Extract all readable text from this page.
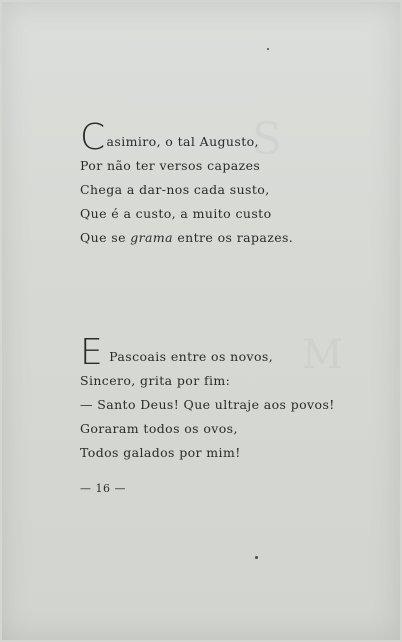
S
M
Casimiro, o tal Augusto,
Por não ter versos capazes
Chega a dar-nos cada susto,
Que é a custo, a muito custo
Que se grama entre os rapazes.
E Pascoais entre os novos,
Sincero, grita por fim:
— Santo Deus! Que ultraje aos povos!
Goraram todos os ovos,
Todos galados por mim!
— 16 —
